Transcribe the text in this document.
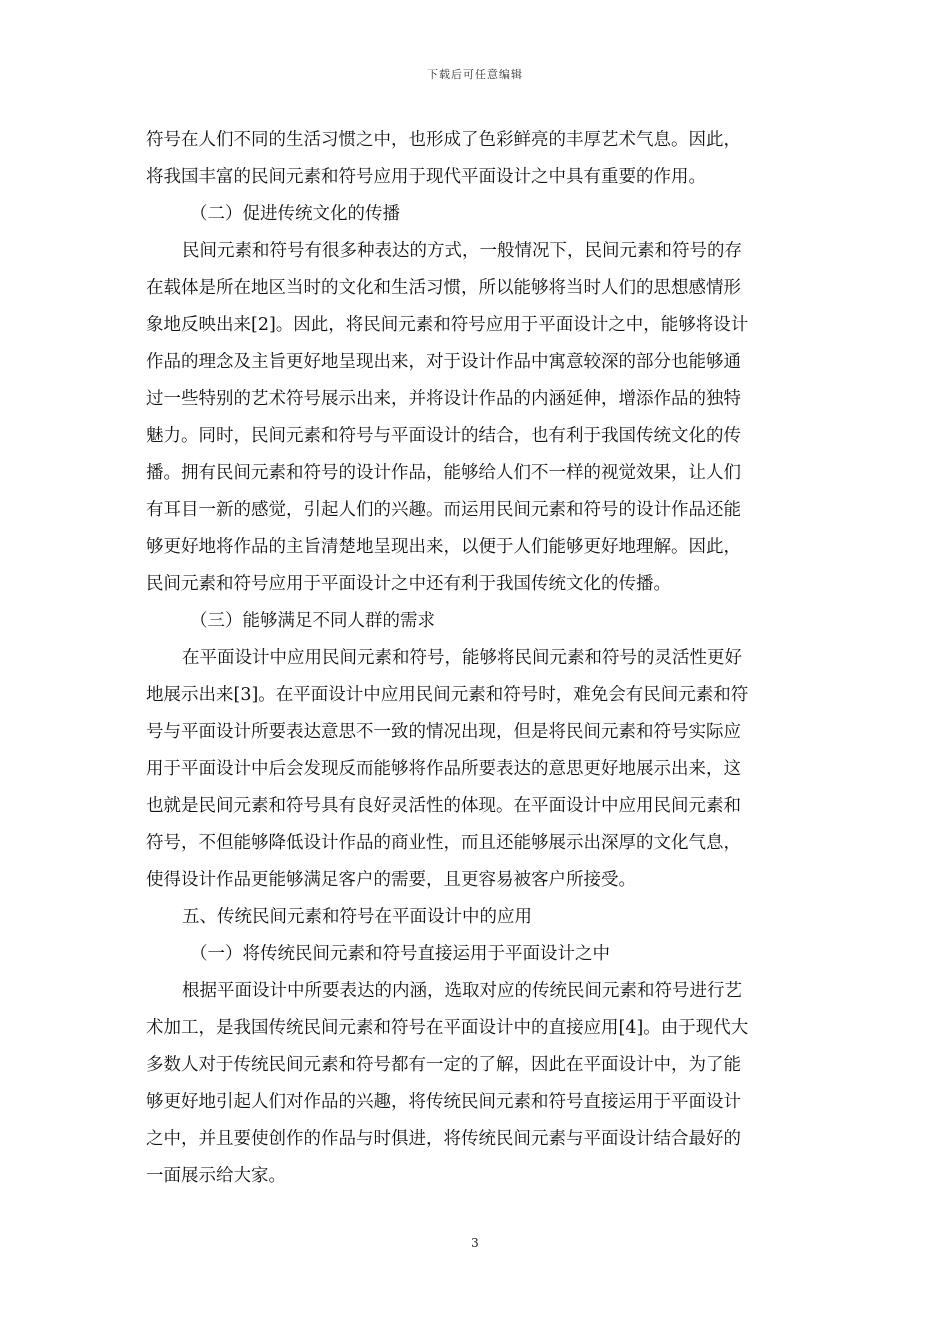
下载后可任意编辑
符号在人们不同的生活习惯之中，也形成了色彩鲜亮的丰厚艺术气息。因此，
将我国丰富的民间元素和符号应用于现代平面设计之中具有重要的作用。
（二）促进传统文化的传播
民间元素和符号有很多种表达的方式，一般情况下，民间元素和符号的存
在载体是所在地区当时的文化和生活习惯，所以能够将当时人们的思想感情形
象地反映出来[2]。因此，将民间元素和符号应用于平面设计之中，能够将设计
作品的理念及主旨更好地呈现出来，对于设计作品中寓意较深的部分也能够通
过一些特别的艺术符号展示出来，并将设计作品的内涵延伸，增添作品的独特
魅力。同时，民间元素和符号与平面设计的结合，也有利于我国传统文化的传
播。拥有民间元素和符号的设计作品，能够给人们不一样的视觉效果，让人们
有耳目一新的感觉，引起人们的兴趣。而运用民间元素和符号的设计作品还能
够更好地将作品的主旨清楚地呈现出来，以便于人们能够更好地理解。因此，
民间元素和符号应用于平面设计之中还有利于我国传统文化的传播。
（三）能够满足不同人群的需求
在平面设计中应用民间元素和符号，能够将民间元素和符号的灵活性更好
地展示出来[3]。在平面设计中应用民间元素和符号时，难免会有民间元素和符
号与平面设计所要表达意思不一致的情况出现，但是将民间元素和符号实际应
用于平面设计中后会发现反而能够将作品所要表达的意思更好地展示出来，这
也就是民间元素和符号具有良好灵活性的体现。在平面设计中应用民间元素和
符号，不但能够降低设计作品的商业性，而且还能够展示出深厚的文化气息，
使得设计作品更能够满足客户的需要，且更容易被客户所接受。
五、传统民间元素和符号在平面设计中的应用
（一）将传统民间元素和符号直接运用于平面设计之中
根据平面设计中所要表达的内涵，选取对应的传统民间元素和符号进行艺
术加工，是我国传统民间元素和符号在平面设计中的直接应用[4]。由于现代大
多数人对于传统民间元素和符号都有一定的了解，因此在平面设计中，为了能
够更好地引起人们对作品的兴趣，将传统民间元素和符号直接运用于平面设计
之中，并且要使创作的作品与时俱进，将传统民间元素与平面设计结合最好的
一面展示给大家。
3
